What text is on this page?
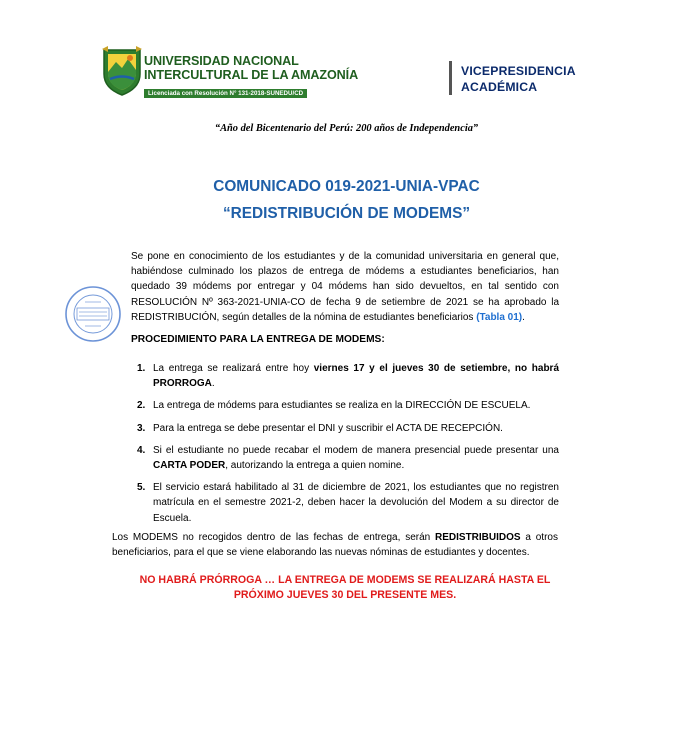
UNIVERSIDAD NACIONAL
INTERCULTURAL DE LA AMAZONÍA
Licenciada con Resolución N° 131-2018-SUNEDU/CD
VICEPRESIDENCIA
ACADÉMICA
“Año del Bicentenario del Perú: 200 años de Independencia”
COMUNICADO 019-2021-UNIA-VPAC
“REDISTRIBUCIÓN DE MODEMS”
Se pone en conocimiento de los estudiantes y de la comunidad universitaria en general que, habiéndose culminado los plazos de entrega de módems a estudiantes beneficiarios, han quedado 39 módems por entregar y 04 módems han sido devueltos, en tal sentido con RESOLUCIÓN Nº 363-2021-UNIA-CO de fecha 9 de setiembre de 2021 se ha aprobado la REDISTRIBUCIÓN, según detalles de la nómina de estudiantes beneficiarios (Tabla 01).
PROCEDIMIENTO PARA LA ENTREGA DE MODEMS:
1. La entrega se realizará entre hoy viernes 17 y el jueves 30 de setiembre, no habrá PRORROGA.
2. La entrega de módems para estudiantes se realiza en la DIRECCIÓN DE ESCUELA.
3. Para la entrega se debe presentar el DNI y suscribir el ACTA DE RECEPCIÓN.
4. Si el estudiante no puede recabar el modem de manera presencial puede presentar una CARTA PODER, autorizando la entrega a quien nomine.
5. El servicio estará habilitado al 31 de diciembre de 2021, los estudiantes que no registren matrícula en el semestre 2021-2, deben hacer la devolución del Modem a su director de Escuela.
Los MODEMS no recogidos dentro de las fechas de entrega, serán REDISTRIBUIDOS a otros beneficiarios, para el que se viene elaborando las nuevas nóminas de estudiantes y docentes.
NO HABRÁ PRÓRROGA … LA ENTREGA DE MODEMS SE REALIZARÁ HASTA EL
PRÓXIMO JUEVES 30 DEL PRESENTE MES.
